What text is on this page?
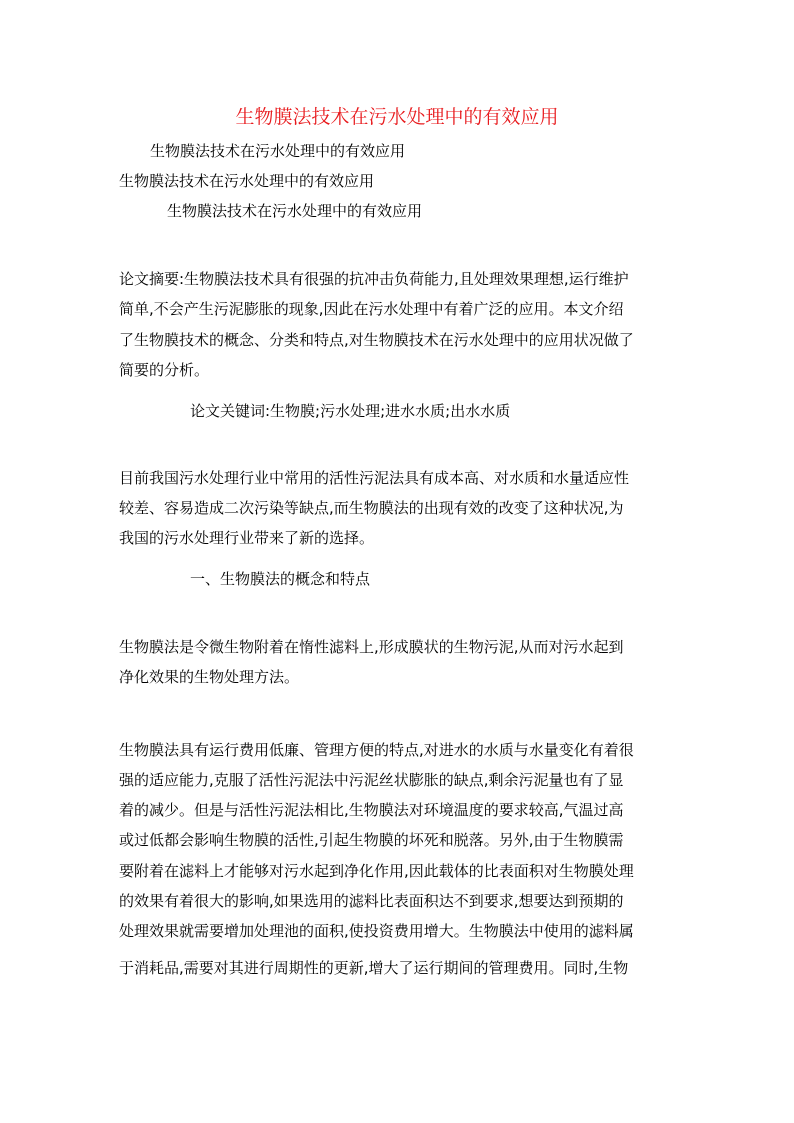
生物膜法技术在污水处理中的有效应用
生物膜法技术在污水处理中的有效应用
生物膜法技术在污水处理中的有效应用
生物膜法技术在污水处理中的有效应用
论文摘要:生物膜法技术具有很强的抗冲击负荷能力,且处理效果理想,运行维护
简单,不会产生污泥膨胀的现象,因此在污水处理中有着广泛的应用。本文介绍
了生物膜技术的概念、分类和特点,对生物膜技术在污水处理中的应用状况做了
简要的分析。
论文关键词:生物膜;污水处理;进水水质;出水水质
目前我国污水处理行业中常用的活性污泥法具有成本高、对水质和水量适应性
较差、容易造成二次污染等缺点,而生物膜法的出现有效的改变了这种状况,为
我国的污水处理行业带来了新的选择。
一、生物膜法的概念和特点
生物膜法是令微生物附着在惰性滤料上,形成膜状的生物污泥,从而对污水起到
净化效果的生物处理方法。
生物膜法具有运行费用低廉、管理方便的特点,对进水的水质与水量变化有着很
强的适应能力,克服了活性污泥法中污泥丝状膨胀的缺点,剩余污泥量也有了显
着的减少。但是与活性污泥法相比,生物膜法对环境温度的要求较高,气温过高
或过低都会影响生物膜的活性,引起生物膜的坏死和脱落。另外,由于生物膜需
要附着在滤料上才能够对污水起到净化作用,因此载体的比表面积对生物膜处理
的效果有着很大的影响,如果选用的滤料比表面积达不到要求,想要达到预期的
处理效果就需要增加处理池的面积,使投资费用增大。生物膜法中使用的滤料属
于消耗品,需要对其进行周期性的更新,增大了运行期间的管理费用。同时,生物
